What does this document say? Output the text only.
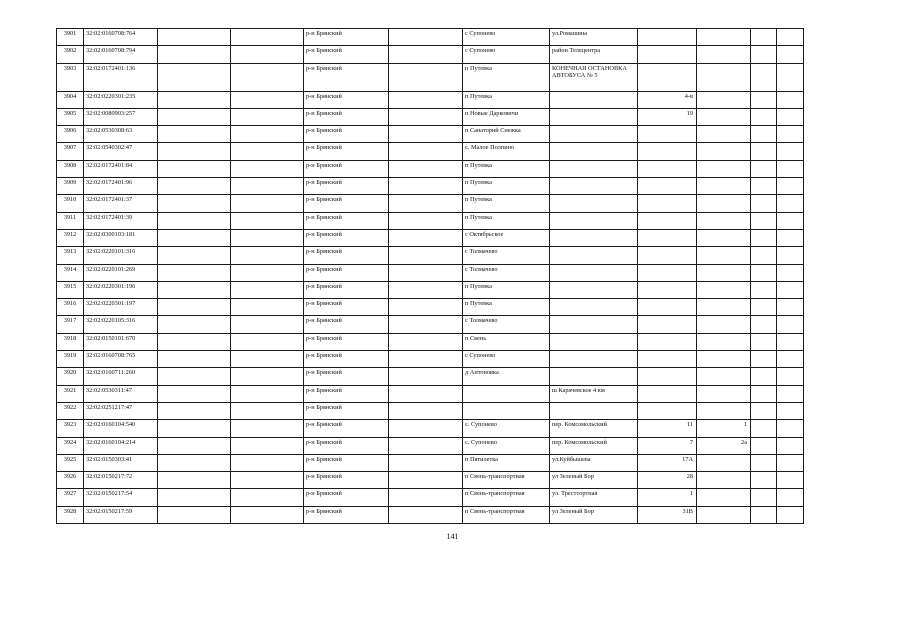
3901	32:02:0160708:764			р-н Брянский		с Супонево	ул.Ромашина				
3902	32:02:0160708:794			р-н Брянский		с Супонево	район Телецентра				
3903	32:02:0172401:136			р-н Брянский		п Путевка	КОНЕЧНАЯ ОСТАНОВКА АВТОБУСА № 5				
3904	32:02:0220301:235			р-н Брянский		п Путевка		4-в			
3905	32:02:0080903:257			р-н Брянский		п Новые Дарковичи		19			
3906	32:02:0530308:63			р-н Брянский		п Санаторий Снежка					
3907	32:02:0540302:47			р-н Брянский		с. Малое Полпино					
3908	32:02:0172401:84			р-н Брянский		п Путевка					
3909	32:02:0172401:96			р-н Брянский		п Путевка					
3910	32:02:0172401:37			р-н Брянский		п Путевка					
3911	32:02:0172401:39			р-н Брянский		п Путевка					
3912	32:02:0300103:181			р-н Брянский		с Октябрьское					
3913	32:02:0220101:316			р-н Брянский		с Толмачево					
3914	32:02:0220101:269			р-н Брянский		с Толмачево					
3915	32:02:0220301:196			р-н Брянский		п Путевка					
3916	32:02:0220301:197			р-н Брянский		п Путевка					
3917	32:02:0220105:316			р-н Брянский		с Толмачево					
3918	32:02:0150101:670			р-н Брянский		п Свень					
3919	32:02:0160708:765			р-н Брянский		с Супонево					
3920	32:02:0160711:260			р-н Брянский		д Антоновка					
3921	32:02:0530311:47			р-н Брянский			ш Карачевское 4 км				
3922	32:02:0251217:47			р-н Брянский							
3923	32:02:0160104:540			р-н Брянский		с. Супонево	пер. Комсомольский	11	1		
3924	32:02:0160104:214			р-н Брянский		с. Супонево	пер. Комсомольский	7	2а		
3925	32:02:0150303:41			р-н Брянский		п Пятилетка	ул.Куйбышева	17А			
3926	32:02:0150217:72			р-н Брянский		п Свень-транспортная	ул Зеленый Бор	28			
3927	32:02:0150217:54			р-н Брянский		п Свень-транспортная	ул. Трестсортная	1			
3928	32:02:0150217:59			р-н Брянский		п Свень-транспортная	ул Зеленый Бор	31В			
141
